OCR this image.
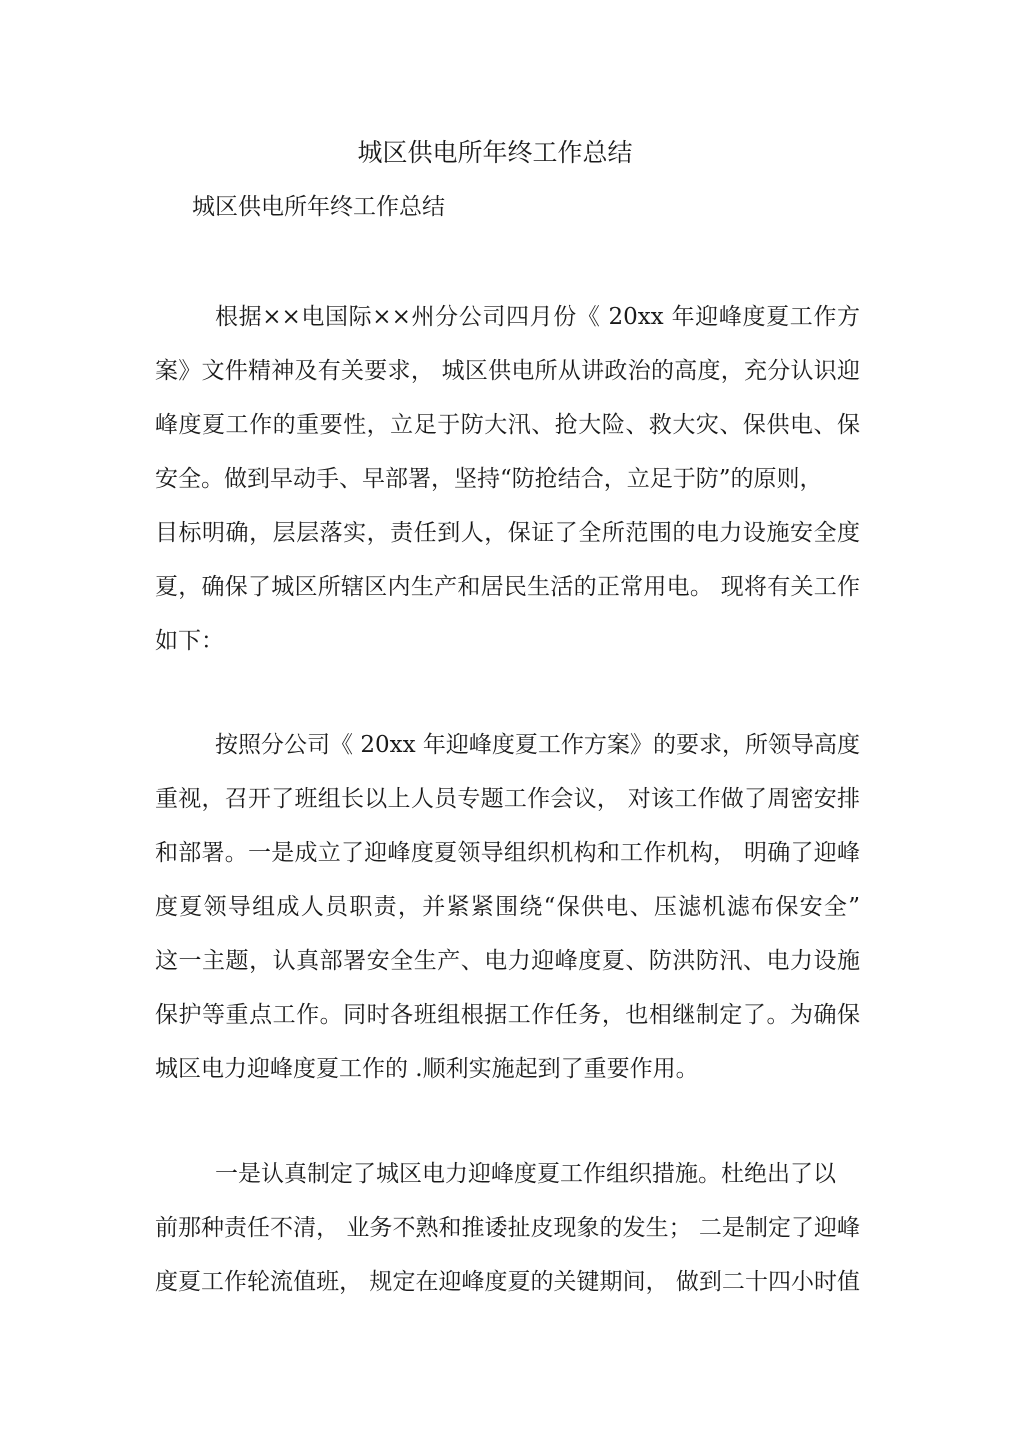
城区供电所年终工作总结
城区供电所年终工作总结
根据××电国际××州分公司四月份《 20xx 年迎峰度夏工作方
案》文件精神及有关要求， 城区供电所从讲政治的高度，充分认识迎
峰度夏工作的重要性，立足于防大汛、抢大险、救大灾、保供电、保
安全。做到早动手、早部署，坚持“防抢结合，立足于防”的原则，
目标明确，层层落实，责任到人，保证了全所范围的电力设施安全度
夏，确保了城区所辖区内生产和居民生活的正常用电。 现将有关工作
如下：
按照分公司《 20xx 年迎峰度夏工作方案》的要求，所领导高度
重视，召开了班组长以上人员专题工作会议， 对该工作做了周密安排
和部署。一是成立了迎峰度夏领导组织机构和工作机构， 明确了迎峰
度夏领导组成人员职责，并紧紧围绕“保供电、压滤机滤布保安全”
这一主题，认真部署安全生产、电力迎峰度夏、防洪防汛、电力设施
保护等重点工作。同时各班组根据工作任务，也相继制定了。为确保
城区电力迎峰度夏工作的 .顺利实施起到了重要作用。
一是认真制定了城区电力迎峰度夏工作组织措施。杜绝出了以
前那种责任不清， 业务不熟和推诿扯皮现象的发生； 二是制定了迎峰
度夏工作轮流值班， 规定在迎峰度夏的关键期间， 做到二十四小时值
